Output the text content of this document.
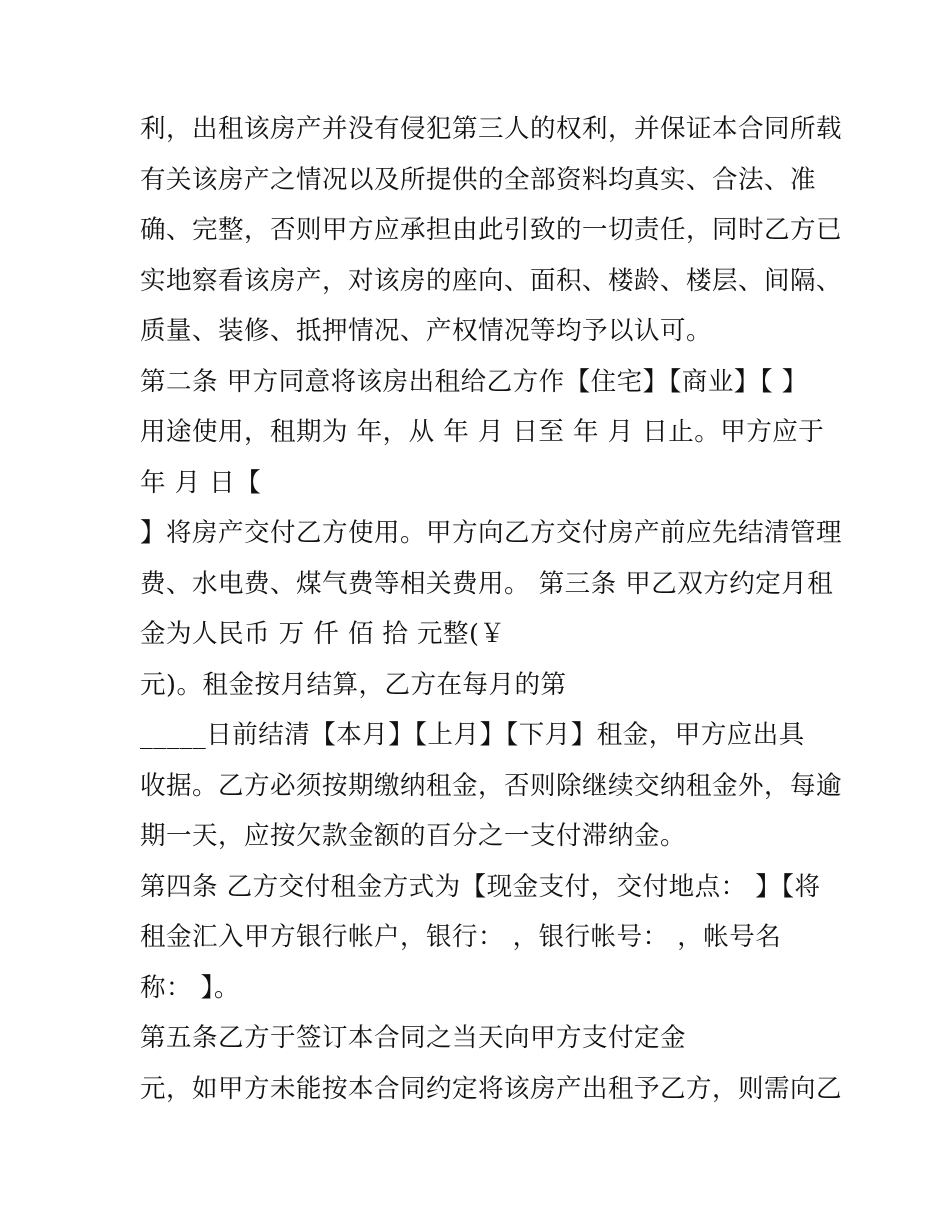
利，出租该房产并没有侵犯第三人的权利，并保证本合同所载
有关该房产之情况以及所提供的全部资料均真实、合法、准
确、完整，否则甲方应承担由此引致的一切责任，同时乙方已
实地察看该房产，对该房的座向、面积、楼龄、楼层、间隔、
质量、装修、抵押情况、产权情况等均予以认可。
第二条 甲方同意将该房出租给乙方作【住宅】【商业】【 】
用途使用，租期为 年，从 年 月 日至 年 月 日止。甲方应于
年 月 日【
】将房产交付乙方使用。甲方向乙方交付房产前应先结清管理
费、水电费、煤气费等相关费用。 第三条 甲乙双方约定月租
金为人民币 万 仟 佰 拾 元整(￥
元)。租金按月结算，乙方在每月的第
_____日前结清【本月】【上月】【下月】租金，甲方应出具
收据。乙方必须按期缴纳租金，否则除继续交纳租金外，每逾
期一天，应按欠款金额的百分之一支付滞纳金。
第四条 乙方交付租金方式为【现金支付，交付地点： 】【将
租金汇入甲方银行帐户，银行： ，银行帐号： ，帐号名
称： 】。
第五条乙方于签订本合同之当天向甲方支付定金
元，如甲方未能按本合同约定将该房产出租予乙方，则需向乙
